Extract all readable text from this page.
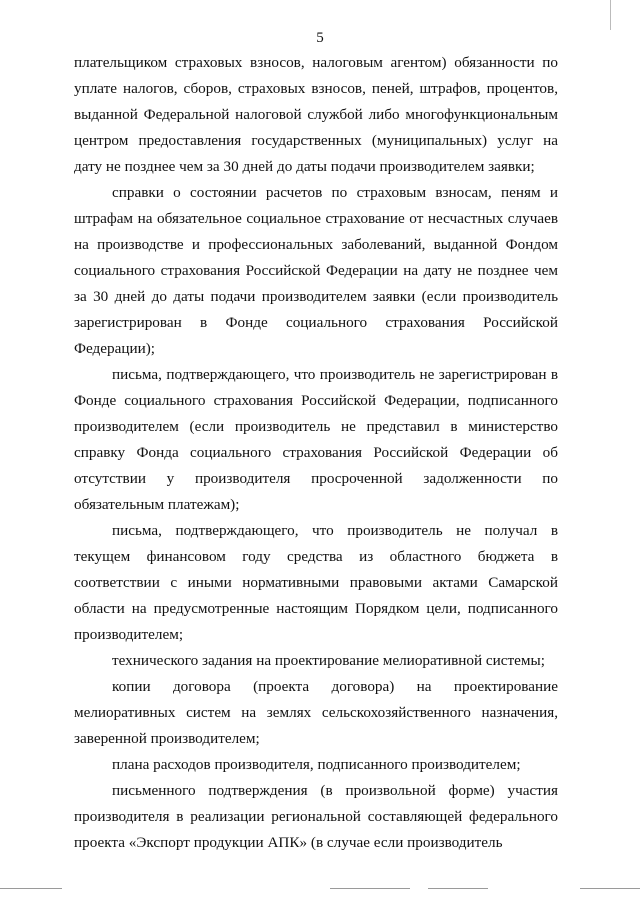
5

плательщиком страховых взносов, налоговым агентом) обязанности по уплате налогов, сборов, страховых взносов, пеней, штрафов, процентов, выданной Федеральной налоговой службой либо многофункциональным центром предоставления государственных (муниципальных) услуг на дату не позднее чем за 30 дней до даты подачи производителем заявки;

справки о состоянии расчетов по страховым взносам, пеням и штрафам на обязательное социальное страхование от несчастных случаев на производстве и профессиональных заболеваний, выданной Фондом социального страхования Российской Федерации на дату не позднее чем за 30 дней до даты подачи производителем заявки (если производитель зарегистрирован в Фонде социального страхования Российской Федерации);

письма, подтверждающего, что производитель не зарегистрирован в Фонде социального страхования Российской Федерации, подписанного производителем (если производитель не представил в министерство справку Фонда социального страхования Российской Федерации об отсутствии у производителя просроченной задолженности по обязательным платежам);

письма, подтверждающего, что производитель не получал в текущем финансовом году средства из областного бюджета в соответствии с иными нормативными правовыми актами Самарской области на предусмотренные настоящим Порядком цели, подписанного производителем;

технического задания на проектирование мелиоративной системы;

копии договора (проекта договора) на проектирование мелиоративных систем на землях сельскохозяйственного назначения, заверенной производителем;

плана расходов производителя, подписанного производителем;

письменного подтверждения (в произвольной форме) участия производителя в реализации региональной составляющей федерального проекта «Экспорт продукции АПК» (в случае если производитель
